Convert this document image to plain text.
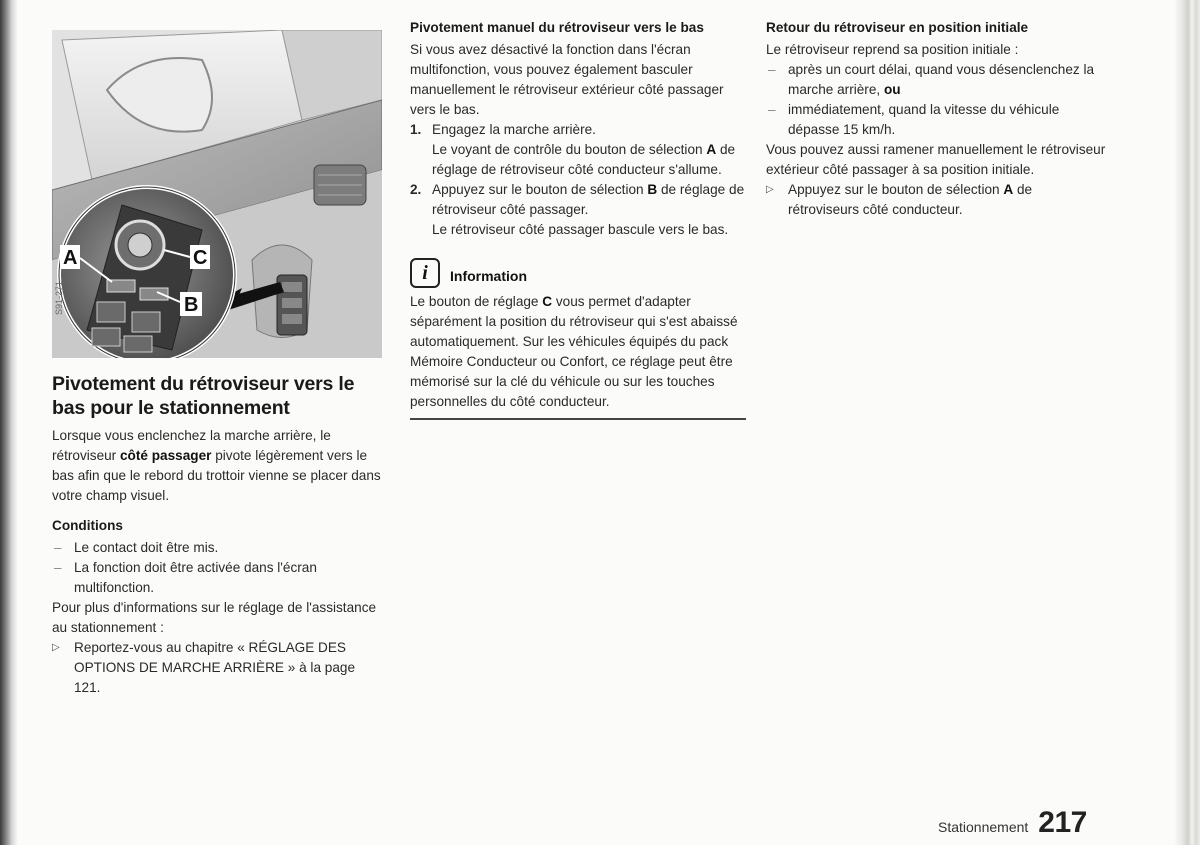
A	C
B
S91-271
Pivotement du rétroviseur vers le bas pour le stationnement

Lorsque vous enclenchez la marche arrière, le rétroviseur côté passager pivote légèrement vers le bas afin que le rebord du trottoir vienne se placer dans votre champ visuel.

Conditions

– Le contact doit être mis.

– La fonction doit être activée dans l'écran multifonction.

Pour plus d'informations sur le réglage de l'assistance au stationnement :

▷ Reportez-vous au chapitre « RÉGLAGE DES OPTIONS DE MARCHE ARRIÈRE » à la page 121.

Pivotement manuel du rétroviseur vers le bas

Si vous avez désactivé la fonction dans l'écran multifonction, vous pouvez également basculer manuellement le rétroviseur extérieur côté passager vers le bas.

1. Engagez la marche arrière.

Le voyant de contrôle du bouton de sélection A de réglage de rétroviseur côté conducteur s'allume.

2. Appuyez sur le bouton de sélection B de réglage de rétroviseur côté passager.

Le rétroviseur côté passager bascule vers le bas.

i	Information

Le bouton de réglage C vous permet d'adapter séparément la position du rétroviseur qui s'est abaissé automatiquement. Sur les véhicules équipés du pack Mémoire Conducteur ou Confort, ce réglage peut être mémorisé sur la clé du véhicule ou sur les touches personnelles du côté conducteur.

Retour du rétroviseur en position initiale

Le rétroviseur reprend sa position initiale :

– après un court délai, quand vous désenclenchez la marche arrière, ou

– immédiatement, quand la vitesse du véhicule dépasse 15 km/h.

Vous pouvez aussi ramener manuellement le rétroviseur extérieur côté passager à sa position initiale.

▷ Appuyez sur le bouton de sélection A de rétroviseurs côté conducteur.

Stationnement 217
